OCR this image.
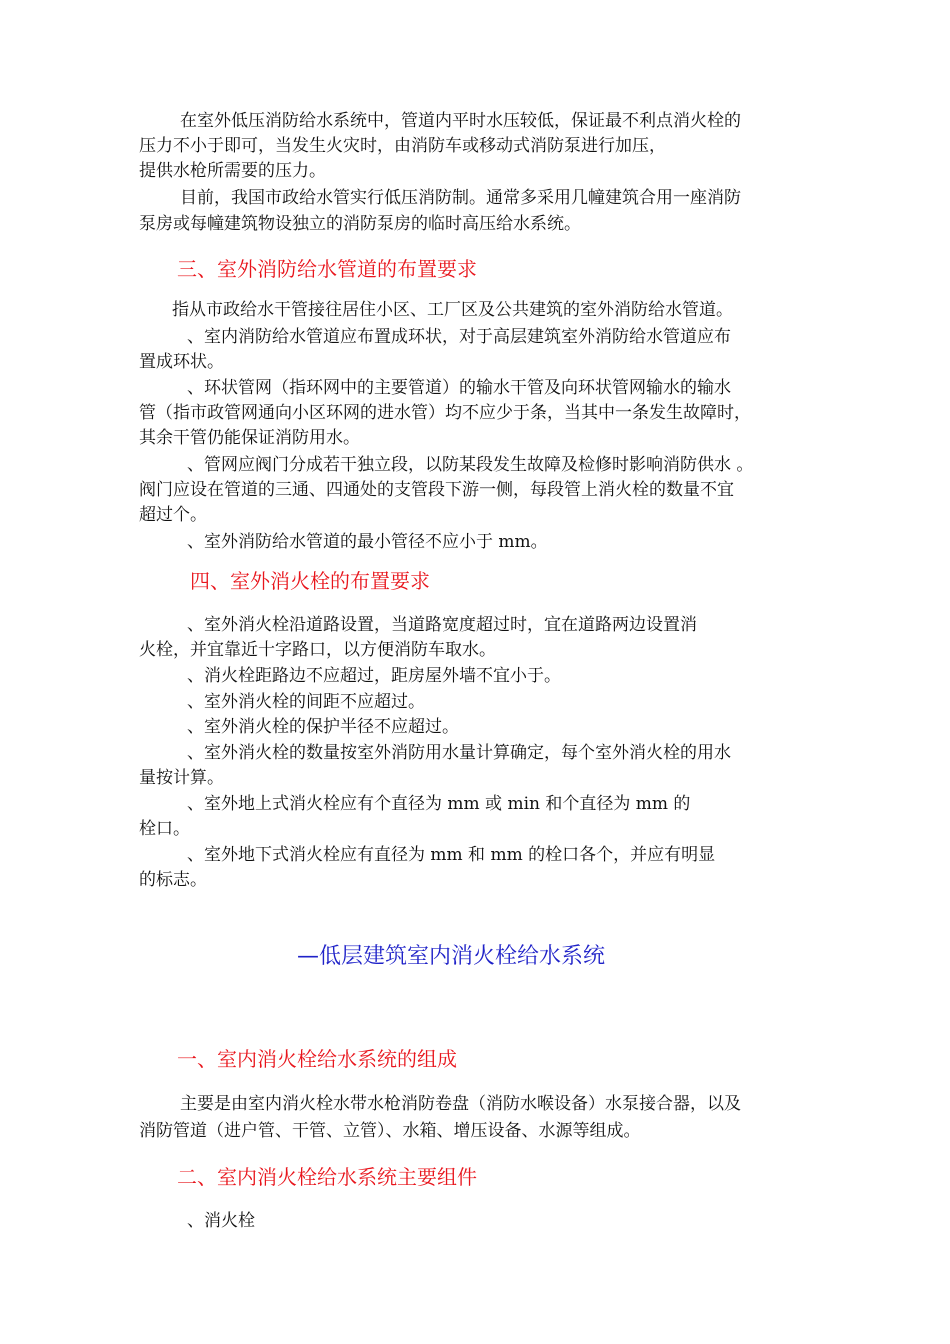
在室外低压消防给水系统中，管道内平时水压较低，保证最不利点消火栓的
压力不小于即可，当发生火灾时，由消防车或移动式消防泵进行加压，
提供水枪所需要的压力。
目前，我国市政给水管实行低压消防制。通常多采用几幢建筑合用一座消防
泵房或每幢建筑物设独立的消防泵房的临时高压给水系统。
三、室外消防给水管道的布置要求
指从市政给水干管接往居住小区、工厂区及公共建筑的室外消防给水管道。
、室内消防给水管道应布置成环状，对于高层建筑室外消防给水管道应布
置成环状。
、环状管网（指环网中的主要管道）的输水干管及向环状管网输水的输水
管（指市政管网通向小区环网的进水管）均不应少于条，当其中一条发生故障时，
其余干管仍能保证消防用水。
、管网应阀门分成若干独立段，以防某段发生故障及检修时影响消防供水 。
阀门应设在管道的三通、四通处的支管段下游一侧，每段管上消火栓的数量不宜
超过个。
、室外消防给水管道的最小管径不应小于 mm。
四、室外消火栓的布置要求
、室外消火栓沿道路设置，当道路宽度超过时，宜在道路两边设置消
火栓，并宜靠近十字路口，以方便消防车取水。
、消火栓距路边不应超过，距房屋外墙不宜小于。
、室外消火栓的间距不应超过。
、室外消火栓的保护半径不应超过。
、室外消火栓的数量按室外消防用水量计算确定，每个室外消火栓的用水
量按计算。
、室外地上式消火栓应有个直径为 mm 或 min 和个直径为 mm 的
栓口。
、室外地下式消火栓应有直径为 mm 和 mm 的栓口各个，并应有明显
的标志。
—低层建筑室内消火栓给水系统
一、室内消火栓给水系统的组成
主要是由室内消火栓水带水枪消防卷盘（消防水喉设备）水泵接合器，以及
消防管道（进户管、干管、立管）、水箱、增压设备、水源等组成。
二、室内消火栓给水系统主要组件
、消火栓
